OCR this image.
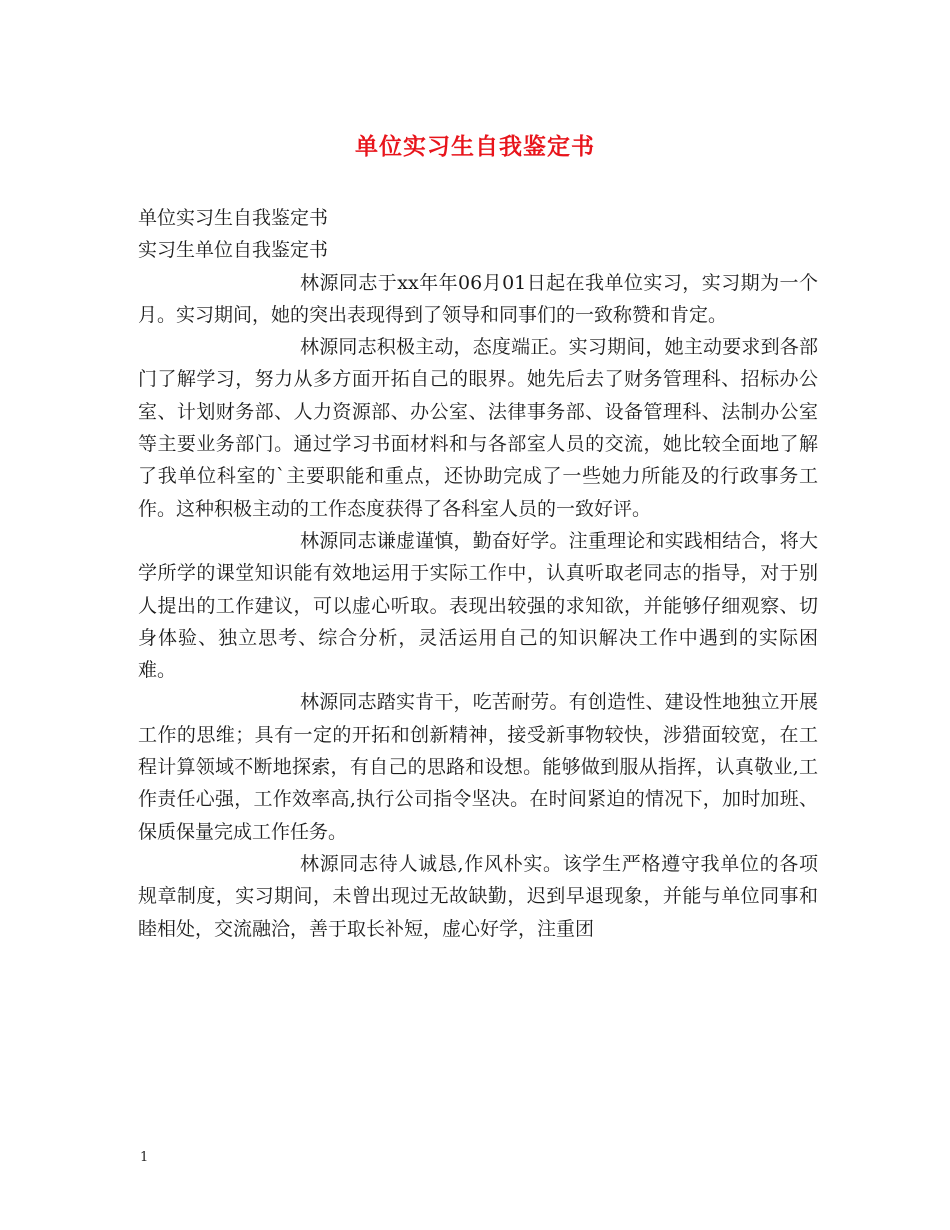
单位实习生自我鉴定书
单位实习生自我鉴定书
实习生单位自我鉴定书

林源同志于xx年年06月01日起在我单位实习，实习期为一个月。实习期间，她的突出表现得到了领导和同事们的一致称赞和肯定。

林源同志积极主动，态度端正。实习期间，她主动要求到各部门了解学习，努力从多方面开拓自己的眼界。她先后去了财务管理科、招标办公室、计划财务部、人力资源部、办公室、法律事务部、设备管理科、法制办公室等主要业务部门。通过学习书面材料和与各部室人员的交流，她比较全面地了解了我单位科室的`主要职能和重点，还协助完成了一些她力所能及的行政事务工作。这种积极主动的工作态度获得了各科室人员的一致好评。

林源同志谦虚谨慎，勤奋好学。注重理论和实践相结合，将大学所学的课堂知识能有效地运用于实际工作中，认真听取老同志的指导，对于别人提出的工作建议，可以虚心听取。表现出较强的求知欲，并能够仔细观察、切身体验、独立思考、综合分析，灵活运用自己的知识解决工作中遇到的实际困难。

林源同志踏实肯干，吃苦耐劳。有创造性、建设性地独立开展工作的思维；具有一定的开拓和创新精神，接受新事物较快，涉猎面较宽，在工程计算领域不断地探索，有自己的思路和设想。能够做到服从指挥，认真敬业,工作责任心强，工作效率高,执行公司指令坚决。在时间紧迫的情况下，加时加班、保质保量完成工作任务。

林源同志待人诚恳,作风朴实。该学生严格遵守我单位的各项规章制度，实习期间，未曾出现过无故缺勤，迟到早退现象，并能与单位同事和睦相处，交流融洽，善于取长补短，虚心好学，注重团

1
